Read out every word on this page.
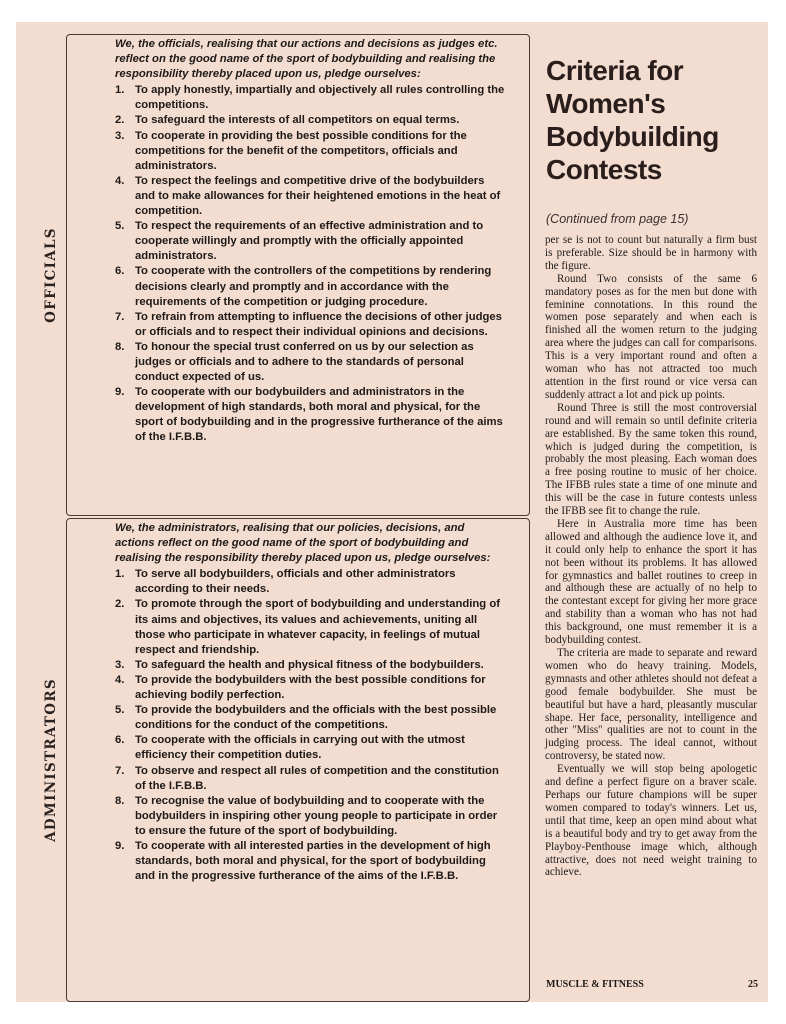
OFFICIALS

We, the officials, realising that our actions and decisions as judges etc. reflect on the good name of the sport of bodybuilding and realising the responsibility thereby placed upon us, pledge ourselves:

1. To apply honestly, impartially and objectively all rules controlling the competitions.
2. To safeguard the interests of all competitors on equal terms.
3. To cooperate in providing the best possible conditions for the competitions for the benefit of the competitors, officials and administrators.
4. To respect the feelings and competitive drive of the bodybuilders and to make allowances for their heightened emotions in the heat of competition.
5. To respect the requirements of an effective administration and to cooperate willingly and promptly with the officially appointed administrators.
6. To cooperate with the controllers of the competitions by rendering decisions clearly and promptly and in accordance with the requirements of the competition or judging procedure.
7. To refrain from attempting to influence the decisions of other judges or officials and to respect their individual opinions and decisions.
8. To honour the special trust conferred on us by our selection as judges or officials and to adhere to the standards of personal conduct expected of us.
9. To cooperate with our bodybuilders and administrators in the development of high standards, both moral and physical, for the sport of bodybuilding and in the progressive furtherance of the aims of the I.F.B.B.
ADMINISTRATORS

We, the administrators, realising that our policies, decisions, and actions reflect on the good name of the sport of bodybuilding and realising the responsibility thereby placed upon us, pledge ourselves:

1. To serve all bodybuilders, officials and other administrators according to their needs.
2. To promote through the sport of bodybuilding and understanding of its aims and objectives, its values and achievements, uniting all those who participate in whatever capacity, in feelings of mutual respect and friendship.
3. To safeguard the health and physical fitness of the bodybuilders.
4. To provide the bodybuilders with the best possible conditions for achieving bodily perfection.
5. To provide the bodybuilders and the officials with the best possible conditions for the conduct of the competitions.
6. To cooperate with the officials in carrying out with the utmost efficiency their competition duties.
7. To observe and respect all rules of competition and the constitution of the I.F.B.B.
8. To recognise the value of bodybuilding and to cooperate with the bodybuilders in inspiring other young people to participate in order to ensure the future of the sport of bodybuilding.
9. To cooperate with all interested parties in the development of high standards, both moral and physical, for the sport of bodybuilding and in the progressive furtherance of the aims of the I.F.B.B.
Criteria for
Women's
Bodybuilding
Contests
(Continued from page 15)

per se is not to count but naturally a firm bust is preferable. Size should be in harmony with the figure.

Round Two consists of the same 6 mandatory poses as for the men but done with feminine connotations. In this round the women pose separately and when each is finished all the women return to the judging area where the judges can call for comparisons. This is a very important round and often a woman who has not attracted too much attention in the first round or vice versa can suddenly attract a lot and pick up points.

Round Three is still the most controversial round and will remain so until definite criteria are established. By the same token this round, which is judged during the competition, is probably the most pleasing. Each woman does a free posing routine to music of her choice. The IFBB rules state a time of one minute and this will be the case in future contests unless the IFBB see fit to change the rule.

Here in Australia more time has been allowed and although the audience love it, and it could only help to enhance the sport it has not been without its problems. It has allowed for gymnastics and ballet routines to creep in and although these are actually of no help to the contestant except for giving her more grace and stability than a woman who has not had this background, one must remember it is a bodybuilding contest.

The criteria are made to separate and reward women who do heavy training. Models, gymnasts and other athletes should not defeat a good female bodybuilder. She must be beautiful but have a hard, pleasantly muscular shape. Her face, personality, intelligence and other ''Miss'' qualities are not to count in the judging process. The ideal cannot, without controversy, be stated now.

Eventually we will stop being apologetic and define a perfect figure on a braver scale. Perhaps our future champions will be super women compared to today's winners. Let us, until that time, keep an open mind about what is a beautiful body and try to get away from the Playboy-Penthouse image which, although attractive, does not need weight training to achieve.

MUSCLE & FITNESS	25
